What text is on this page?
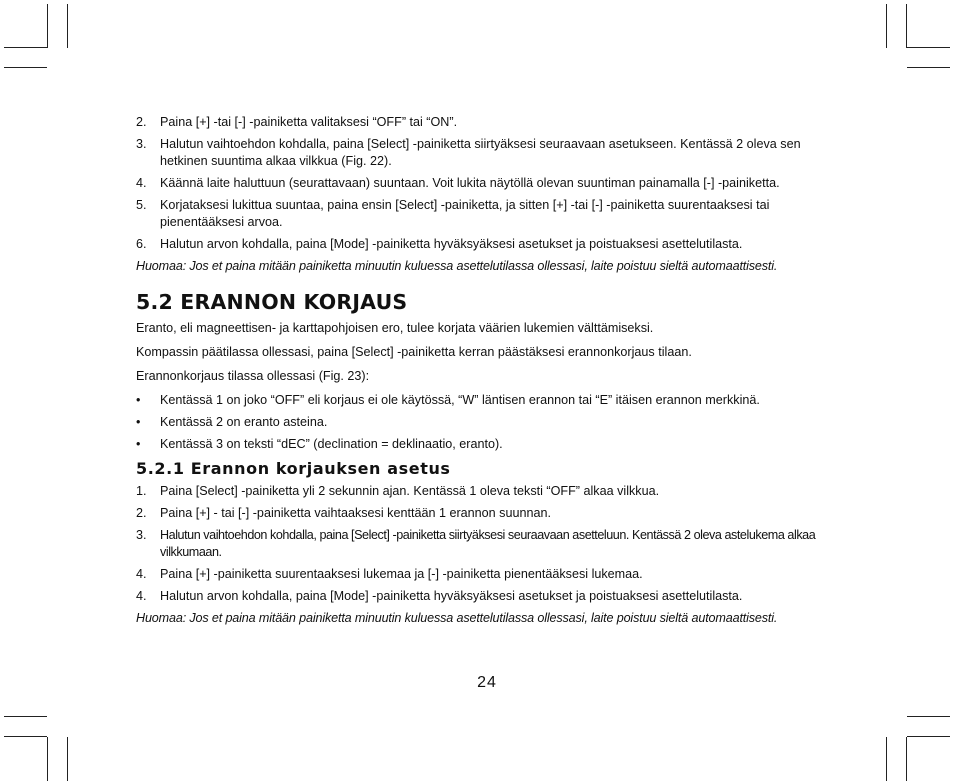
2.	Paina [+] -tai [-] -painiketta valitaksesi “OFF” tai “ON”.
3.	Halutun vaihtoehdon kohdalla, paina [Select] -painiketta siirtyäksesi seuraavaan asetukseen. Kentässä 2 oleva sen hetkinen suuntima alkaa vilkkua (Fig. 22).
4.	Käännä laite haluttuun (seurattavaan) suuntaan. Voit lukita näytöllä olevan suuntiman painamalla [-] -painiketta.
5.	Korjataksesi lukittua suuntaa, paina ensin [Select] -painiketta, ja sitten [+] -tai [-] -painiketta suurentaaksesi tai pienentääksesi arvoa.
6.	Halutun arvon kohdalla, paina [Mode] -painiketta hyväksyäksesi asetukset ja poistuaksesi asettelutilasta.
Huomaa: Jos et paina mitään painiketta minuutin kuluessa asettelutilassa ollessasi, laite poistuu sieltä automaattisesti.
5.2 ERANNON KORJAUS
Eranto, eli magneettisen- ja karttapohjoisen ero, tulee korjata väärien lukemien välttämiseksi.
Kompassin päätilassa ollessasi, paina [Select] -painiketta kerran päästäksesi erannonkorjaus tilaan.
Erannonkorjaus tilassa ollessasi (Fig. 23):
•	Kentässä 1 on joko “OFF” eli korjaus ei ole käytössä, “W” läntisen erannon tai “E” itäisen erannon merkkinä.
•	Kentässä 2 on eranto asteina.
•	Kentässä 3 on teksti “dEC” (declination = deklinaatio, eranto).
5.2.1 Erannon korjauksen asetus
1.	Paina [Select] -painiketta yli 2 sekunnin ajan. Kentässä 1 oleva teksti “OFF” alkaa vilkkua.
2.	Paina [+] - tai [-] -painiketta vaihtaaksesi kenttään 1 erannon suunnan.
3.	Halutun vaihtoehdon kohdalla, paina [Select] -painiketta siirtyäksesi seuraavaan asetteluun. Kentässä 2 oleva astelukema alkaa vilkkumaan.
4.	Paina [+] -painiketta suurentaaksesi lukemaa ja [-] -painiketta pienentääksesi lukemaa.
4.	Halutun arvon kohdalla, paina [Mode] -painiketta hyväksyäksesi asetukset ja poistuaksesi asettelutilasta.
Huomaa: Jos et paina mitään painiketta minuutin kuluessa asettelutilassa ollessasi, laite poistuu sieltä automaattisesti.
24
